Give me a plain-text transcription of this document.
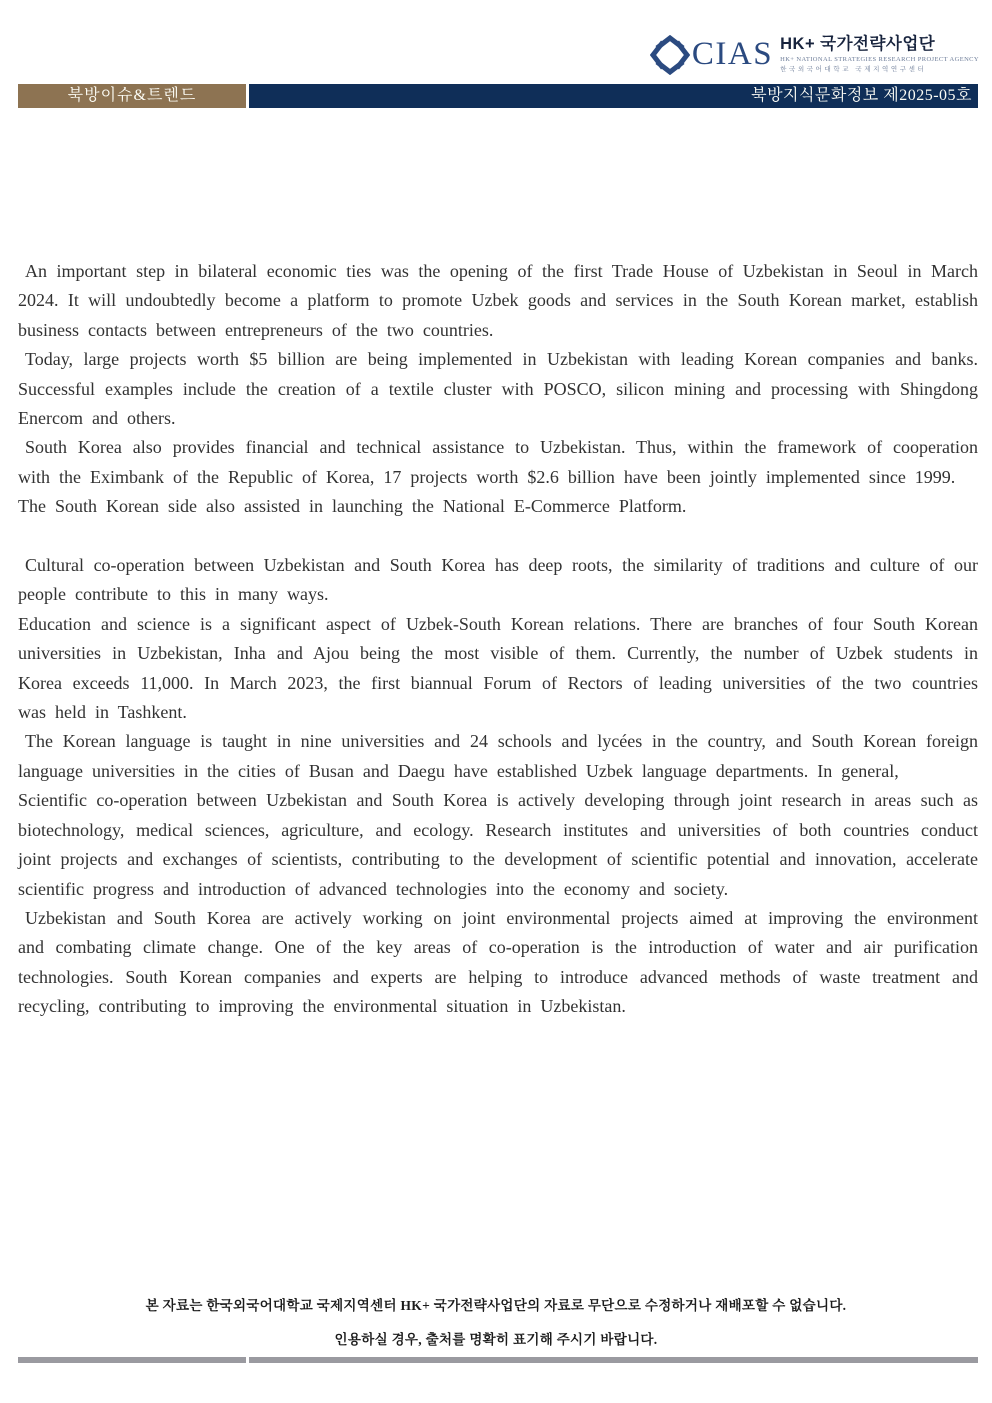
HUFS CIAS HK+ 국가전략사업단
HK+ NATIONAL STRATEGIES RESEARCH PROJECT AGENCY
한국외국어대학교 국제지역연구센터
북방이슈&트렌드	북방지식문화정보 제2025-05호

An important step in bilateral economic ties was the opening of the first Trade House of Uzbekistan in Seoul in March 2024. It will undoubtedly become a platform to promote Uzbek goods and services in the South Korean market, establish business contacts between entrepreneurs of the two countries.

Today, large projects worth $5 billion are being implemented in Uzbekistan with leading Korean companies and banks. Successful examples include the creation of a textile cluster with POSCO, silicon mining and processing with Shingdong Enercom and others.

South Korea also provides financial and technical assistance to Uzbekistan. Thus, within the framework of cooperation with the Eximbank of the Republic of Korea, 17 projects worth $2.6 billion have been jointly implemented since 1999.

The South Korean side also assisted in launching the National E-Commerce Platform.

Cultural co-operation between Uzbekistan and South Korea has deep roots, the similarity of traditions and culture of our people contribute to this in many ways.

Education and science is a significant aspect of Uzbek-South Korean relations. There are branches of four South Korean universities in Uzbekistan, Inha and Ajou being the most visible of them. Currently, the number of Uzbek students in Korea exceeds 11,000. In March 2023, the first biannual Forum of Rectors of leading universities of the two countries was held in Tashkent.

The Korean language is taught in nine universities and 24 schools and lycées in the country, and South Korean foreign language universities in the cities of Busan and Daegu have established Uzbek language departments. In general,

Scientific co-operation between Uzbekistan and South Korea is actively developing through joint research in areas such as biotechnology, medical sciences, agriculture, and ecology. Research institutes and universities of both countries conduct joint projects and exchanges of scientists, contributing to the development of scientific potential and innovation, accelerate scientific progress and introduction of advanced technologies into the economy and society.

Uzbekistan and South Korea are actively working on joint environmental projects aimed at improving the environment and combating climate change. One of the key areas of co-operation is the introduction of water and air purification technologies. South Korean companies and experts are helping to introduce advanced methods of waste treatment and recycling, contributing to improving the environmental situation in Uzbekistan.

본 자료는 한국외국어대학교 국제지역센터 HK+ 국가전략사업단의 자료로 무단으로 수정하거나 재배포할 수 없습니다.
인용하실 경우, 출처를 명확히 표기해 주시기 바랍니다.
